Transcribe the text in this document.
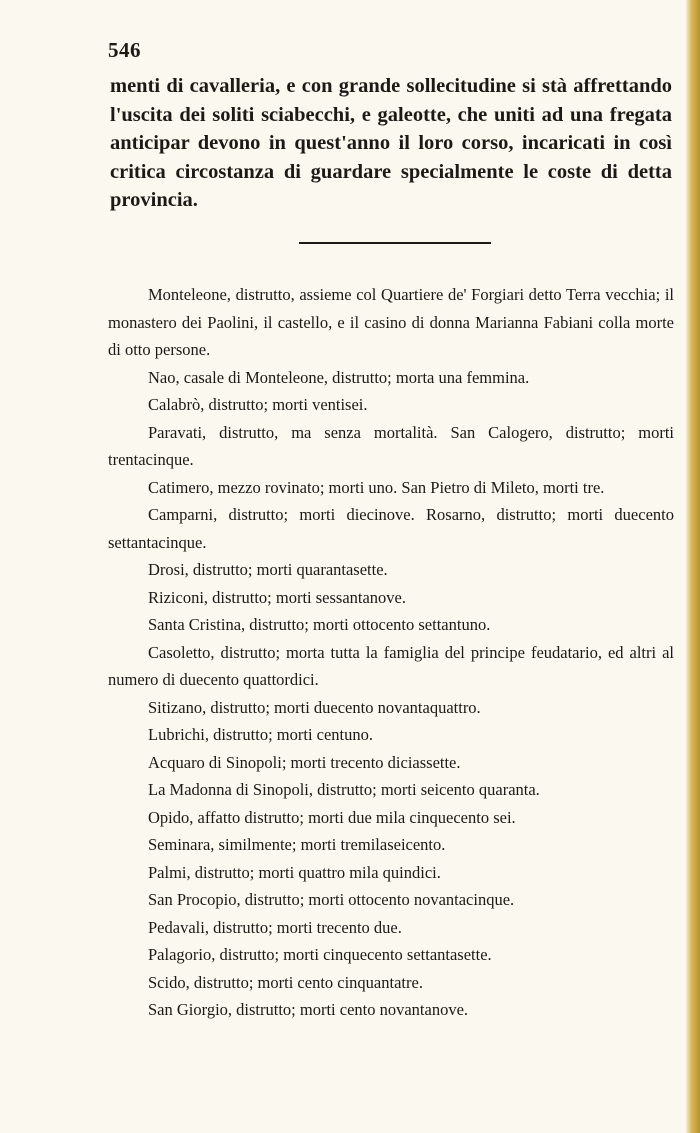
546

menti di cavalleria, e con grande sollecitudine si stà affrettando l'uscita dei soliti sciabecchi, e galeotte, che uniti ad una fregata anticipar devono in quest'anno il loro corso, incaricati in così critica circostanza di guardare specialmente le coste di detta provincia.

Monteleone, distrutto, assieme col Quartiere de' Forgiari detto Terra vecchia; il monastero dei Paolini, il castello, e il casino di donna Marianna Fabiani colla morte di otto persone.

Nao, casale di Monteleone, distrutto; morta una femmina.

Calabrò, distrutto; morti ventisei.

Paravati, distrutto, ma senza mortalità. San Calogero, distrutto; morti trentacinque.

Catimero, mezzo rovinato; morti uno. San Pietro di Mileto, morti tre.

Camparni, distrutto; morti diecinove. Rosarno, distrutto; morti duecento settantacinque.

Drosi, distrutto; morti quarantasette.

Riziconi, distrutto; morti sessantanove.

Santa Cristina, distrutto; morti ottocento settantuno.

Casoletto, distrutto; morta tutta la famiglia del principe feudatario, ed altri al numero di duecento quattordici.

Sitizano, distrutto; morti duecento novantaquattro.

Lubrichi, distrutto; morti centuno.

Acquaro di Sinopoli; morti trecento diciassette.

La Madonna di Sinopoli, distrutto; morti seicento quaranta.

Opido, affatto distrutto; morti due mila cinquecento sei.

Seminara, similmente; morti tremilaseicento.

Palmi, distrutto; morti quattro mila quindici.

San Procopio, distrutto; morti ottocento novantacinque.

Pedavali, distrutto; morti trecento due.

Palagorio, distrutto; morti cinquecento settantasette.

Scido, distrutto; morti cento cinquantatre.

San Giorgio, distrutto; morti cento novantanove.
